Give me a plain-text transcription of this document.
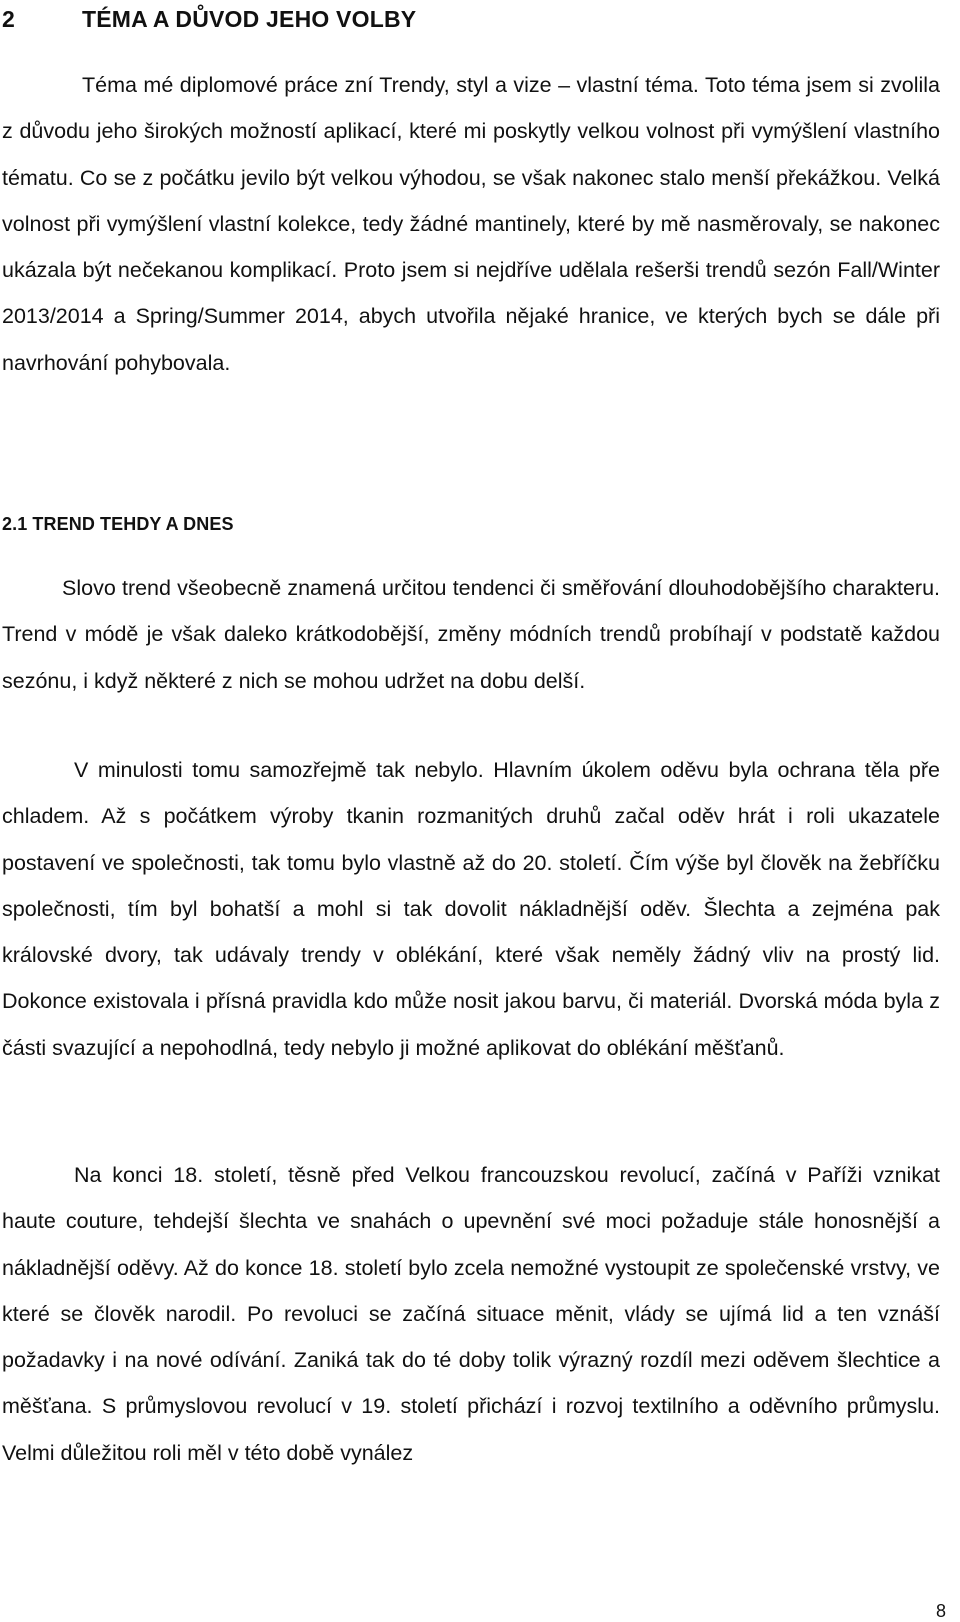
2	TÉMA A DŮVOD JEHO VOLBY

Téma mé diplomové práce zní Trendy, styl a vize – vlastní téma. Toto téma jsem si zvolila z důvodu jeho širokých možností aplikací, které mi poskytly velkou volnost při vymýšlení vlastního tématu. Co se z počátku jevilo být velkou výhodou, se však nakonec stalo menší překážkou. Velká volnost při vymýšlení vlastní kolekce, tedy žádné mantinely, které by mě nasměrovaly, se nakonec ukázala být nečekanou komplikací. Proto jsem si nejdříve udělala rešerši trendů sezón Fall/Winter 2013/2014 a Spring/Summer 2014, abych utvořila nějaké hranice, ve kterých bych se dále při navrhování pohybovala.

2.1 TREND TEHDY A DNES

Slovo trend všeobecně znamená určitou tendenci či směřování dlouhodobějšího charakteru. Trend v módě je však daleko krátkodobější, změny módních trendů probíhají v podstatě každou sezónu, i když některé z nich se mohou udržet na dobu delší.

V minulosti tomu samozřejmě tak nebylo. Hlavním úkolem oděvu byla ochrana těla pře chladem. Až s počátkem výroby tkanin rozmanitých druhů začal oděv hrát i roli ukazatele postavení ve společnosti, tak tomu bylo vlastně až do 20. století. Čím výše byl člověk na žebříčku společnosti, tím byl bohatší a mohl si tak dovolit nákladnější oděv. Šlechta a zejména pak královské dvory, tak udávaly trendy v oblékání, které však neměly žádný vliv na prostý lid. Dokonce existovala i přísná pravidla kdo může nosit jakou barvu, či materiál. Dvorská móda byla z části svazující a nepohodlná, tedy nebylo ji možné aplikovat do oblékání měšťanů.

Na konci 18. století, těsně před Velkou francouzskou revolucí, začíná v Paříži vznikat haute couture, tehdejší šlechta ve snahách o upevnění své moci požaduje stále honosnější a nákladnější oděvy. Až do konce 18. století bylo zcela nemožné vystoupit ze společenské vrstvy, ve které se člověk narodil. Po revoluci se začíná situace měnit, vlády se ujímá lid a ten vznáší požadavky i na nové odívání. Zaniká tak do té doby tolik výrazný rozdíl mezi oděvem šlechtice a měšťana. S průmyslovou revolucí v 19. století přichází i rozvoj textilního a oděvního průmyslu. Velmi důležitou roli měl v této době vynález

8
